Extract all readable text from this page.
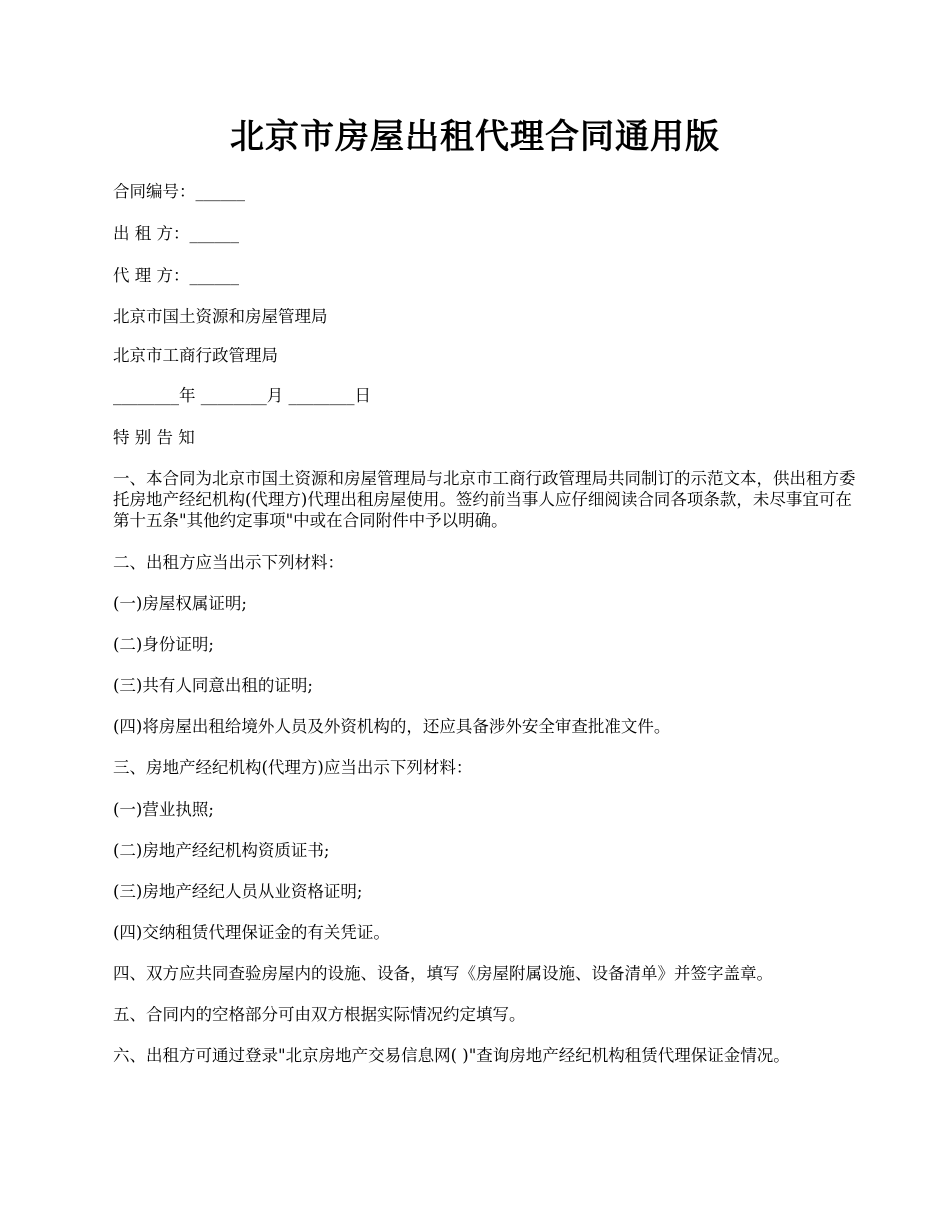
北京市房屋出租代理合同通用版

合同编号：______

出 租 方：______

代 理 方：______

北京市国土资源和房屋管理局

北京市工商行政管理局

________年 ________月 ________日

特 别 告 知

一、本合同为北京市国土资源和房屋管理局与北京市工商行政管理局共同制订的示范文本，供出租方委托房地产经纪机构(代理方)代理出租房屋使用。签约前当事人应仔细阅读合同各项条款，未尽事宜可在第十五条"其他约定事项"中或在合同附件中予以明确。

二、出租方应当出示下列材料：

(一)房屋权属证明;

(二)身份证明;

(三)共有人同意出租的证明;

(四)将房屋出租给境外人员及外资机构的，还应具备涉外安全审查批准文件。

三、房地产经纪机构(代理方)应当出示下列材料：

(一)营业执照;

(二)房地产经纪机构资质证书;

(三)房地产经纪人员从业资格证明;

(四)交纳租赁代理保证金的有关凭证。

四、双方应共同查验房屋内的设施、设备，填写《房屋附属设施、设备清单》并签字盖章。

五、合同内的空格部分可由双方根据实际情况约定填写。

六、出租方可通过登录"北京房地产交易信息网( )"查询房地产经纪机构租赁代理保证金情况。
